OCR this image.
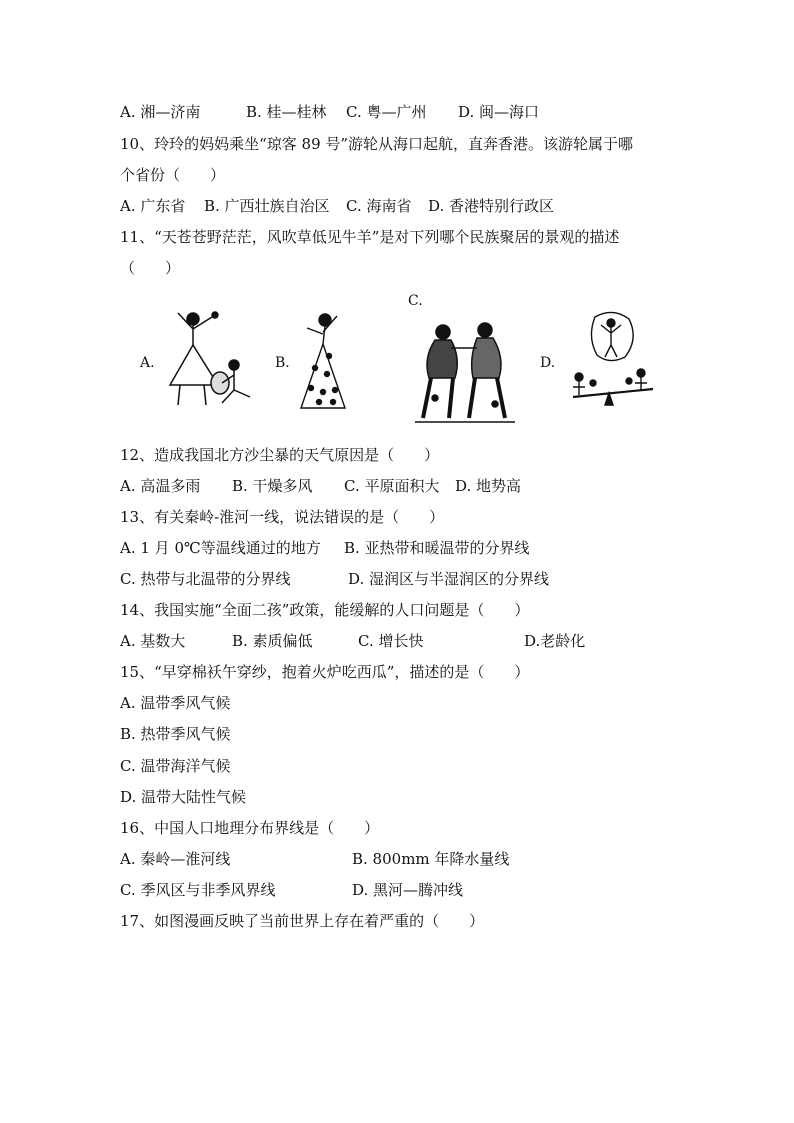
A. 湘—济南	B. 桂—桂林 C. 粤—广州 D. 闽—海口
10、玲玲的妈妈乘坐“琼客 89 号”游轮从海口起航，直奔香港。该游轮属于哪
个省份（　　）
A. 广东省 B. 广西壮族自治区 C. 海南省 D. 香港特别行政区
11、“天苍苍野茫茫，风吹草低见牛羊”是对下列哪个民族聚居的景观的描述
（　　）
A.	B.
C.
D.
12、造成我国北方沙尘暴的天气原因是（　　）
A. 高温多雨 B. 干燥多风 C. 平原面积大 D. 地势高
13、有关秦岭-淮河一线，说法错误的是（　　）
A. 1 月 0℃等温线通过的地方 B. 亚热带和暖温带的分界线
C. 热带与北温带的分界线	D. 湿润区与半湿润区的分界线
14、我国实施“全面二孩”政策，能缓解的人口问题是（　　）
A. 基数大	B. 素质偏低	C. 增长快	D.老龄化
15、“早穿棉袄午穿纱，抱着火炉吃西瓜”，描述的是（　　）
A. 温带季风气候
B. 热带季风气候
C. 温带海洋气候
D. 温带大陆性气候
16、中国人口地理分布界线是（　　）
A. 秦岭—淮河线	B. 800mm 年降水量线
C. 季风区与非季风界线	D. 黑河—腾冲线
17、如图漫画反映了当前世界上存在着严重的（　　）
